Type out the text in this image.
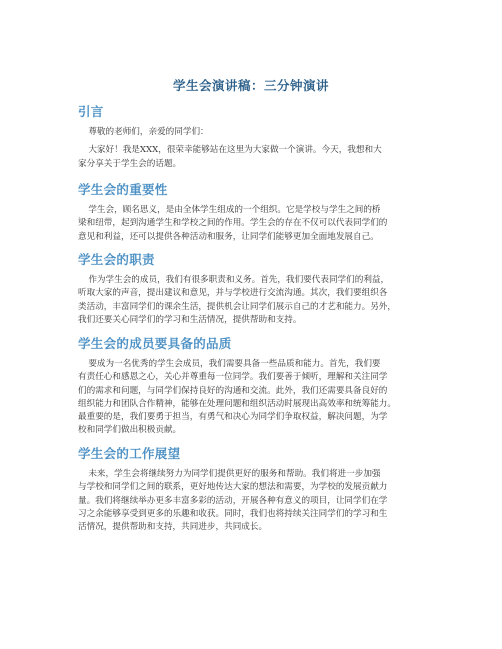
学生会演讲稿：三分钟演讲
引言

尊敬的老师们，亲爱的同学们：

大家好！我是XXX，很荣幸能够站在这里为大家做一个演讲。今天，我想和大
家分享关于学生会的话题。

学生会的重要性

学生会，顾名思义，是由全体学生组成的一个组织。它是学校与学生之间的桥
梁和纽带，起到沟通学生和学校之间的作用。学生会的存在不仅可以代表同学们的
意见和利益，还可以提供各种活动和服务，让同学们能够更加全面地发展自己。

学生会的职责

作为学生会的成员，我们有很多职责和义务。首先，我们要代表同学们的利益，
听取大家的声音，提出建议和意见，并与学校进行交流沟通。其次，我们要组织各
类活动，丰富同学们的课余生活，提供机会让同学们展示自己的才艺和能力。另外，
我们还要关心同学们的学习和生活情况，提供帮助和支持。

学生会的成员要具备的品质

要成为一名优秀的学生会成员，我们需要具备一些品质和能力。首先，我们要
有责任心和感恩之心，关心并尊重每一位同学。我们要善于倾听，理解和关注同学
们的需求和问题，与同学们保持良好的沟通和交流。此外，我们还需要具备良好的
组织能力和团队合作精神，能够在处理问题和组织活动时展现出高效率和统筹能力。
最重要的是，我们要勇于担当，有勇气和决心为同学们争取权益，解决问题，为学
校和同学们做出积极贡献。

学生会的工作展望

未来，学生会将继续努力为同学们提供更好的服务和帮助。我们将进一步加强
与学校和同学们之间的联系，更好地传达大家的想法和需要，为学校的发展贡献力
量。我们将继续举办更多丰富多彩的活动，开展各种有意义的项目，让同学们在学
习之余能够享受到更多的乐趣和收获。同时，我们也将持续关注同学们的学习和生
活情况，提供帮助和支持，共同进步，共同成长。
